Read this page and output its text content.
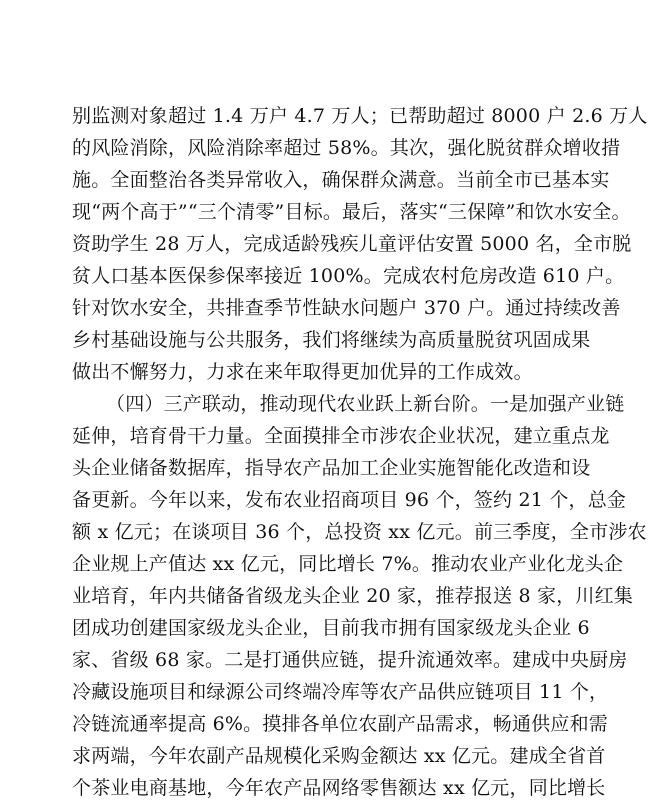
别监测对象超过 1.4 万户 4.7 万人；已帮助超过 8000 户 2.6 万人
的风险消除，风险消除率超过 58%。其次，强化脱贫群众增收措
施。全面整治各类异常收入，确保群众满意。当前全市已基本实
现“两个高于”“三个清零”目标。最后，落实“三保障”和饮水安全。
资助学生 28 万人，完成适龄残疾儿童评估安置 5000 名，全市脱
贫人口基本医保参保率接近 100%。完成农村危房改造 610 户。
针对饮水安全，共排查季节性缺水问题户 370 户。通过持续改善
乡村基础设施与公共服务，我们将继续为高质量脱贫巩固成果
做出不懈努力，力求在来年取得更加优异的工作成效。
（四）三产联动，推动现代农业跃上新台阶。一是加强产业链
延伸，培育骨干力量。全面摸排全市涉农企业状况，建立重点龙
头企业储备数据库，指导农产品加工企业实施智能化改造和设
备更新。今年以来，发布农业招商项目 96 个，签约 21 个，总金
额 x 亿元；在谈项目 36 个，总投资 xx 亿元。前三季度，全市涉农
企业规上产值达 xx 亿元，同比增长 7%。推动农业产业化龙头企
业培育，年内共储备省级龙头企业 20 家，推荐报送 8 家，川红集
团成功创建国家级龙头企业，目前我市拥有国家级龙头企业 6
家、省级 68 家。二是打通供应链，提升流通效率。建成中央厨房
冷藏设施项目和绿源公司终端冷库等农产品供应链项目 11 个，
冷链流通率提高 6%。摸排各单位农副产品需求，畅通供应和需
求两端，今年农副产品规模化采购金额达 xx 亿元。建成全省首
个茶业电商基地，今年农产品网络零售额达 xx 亿元，同比增长
